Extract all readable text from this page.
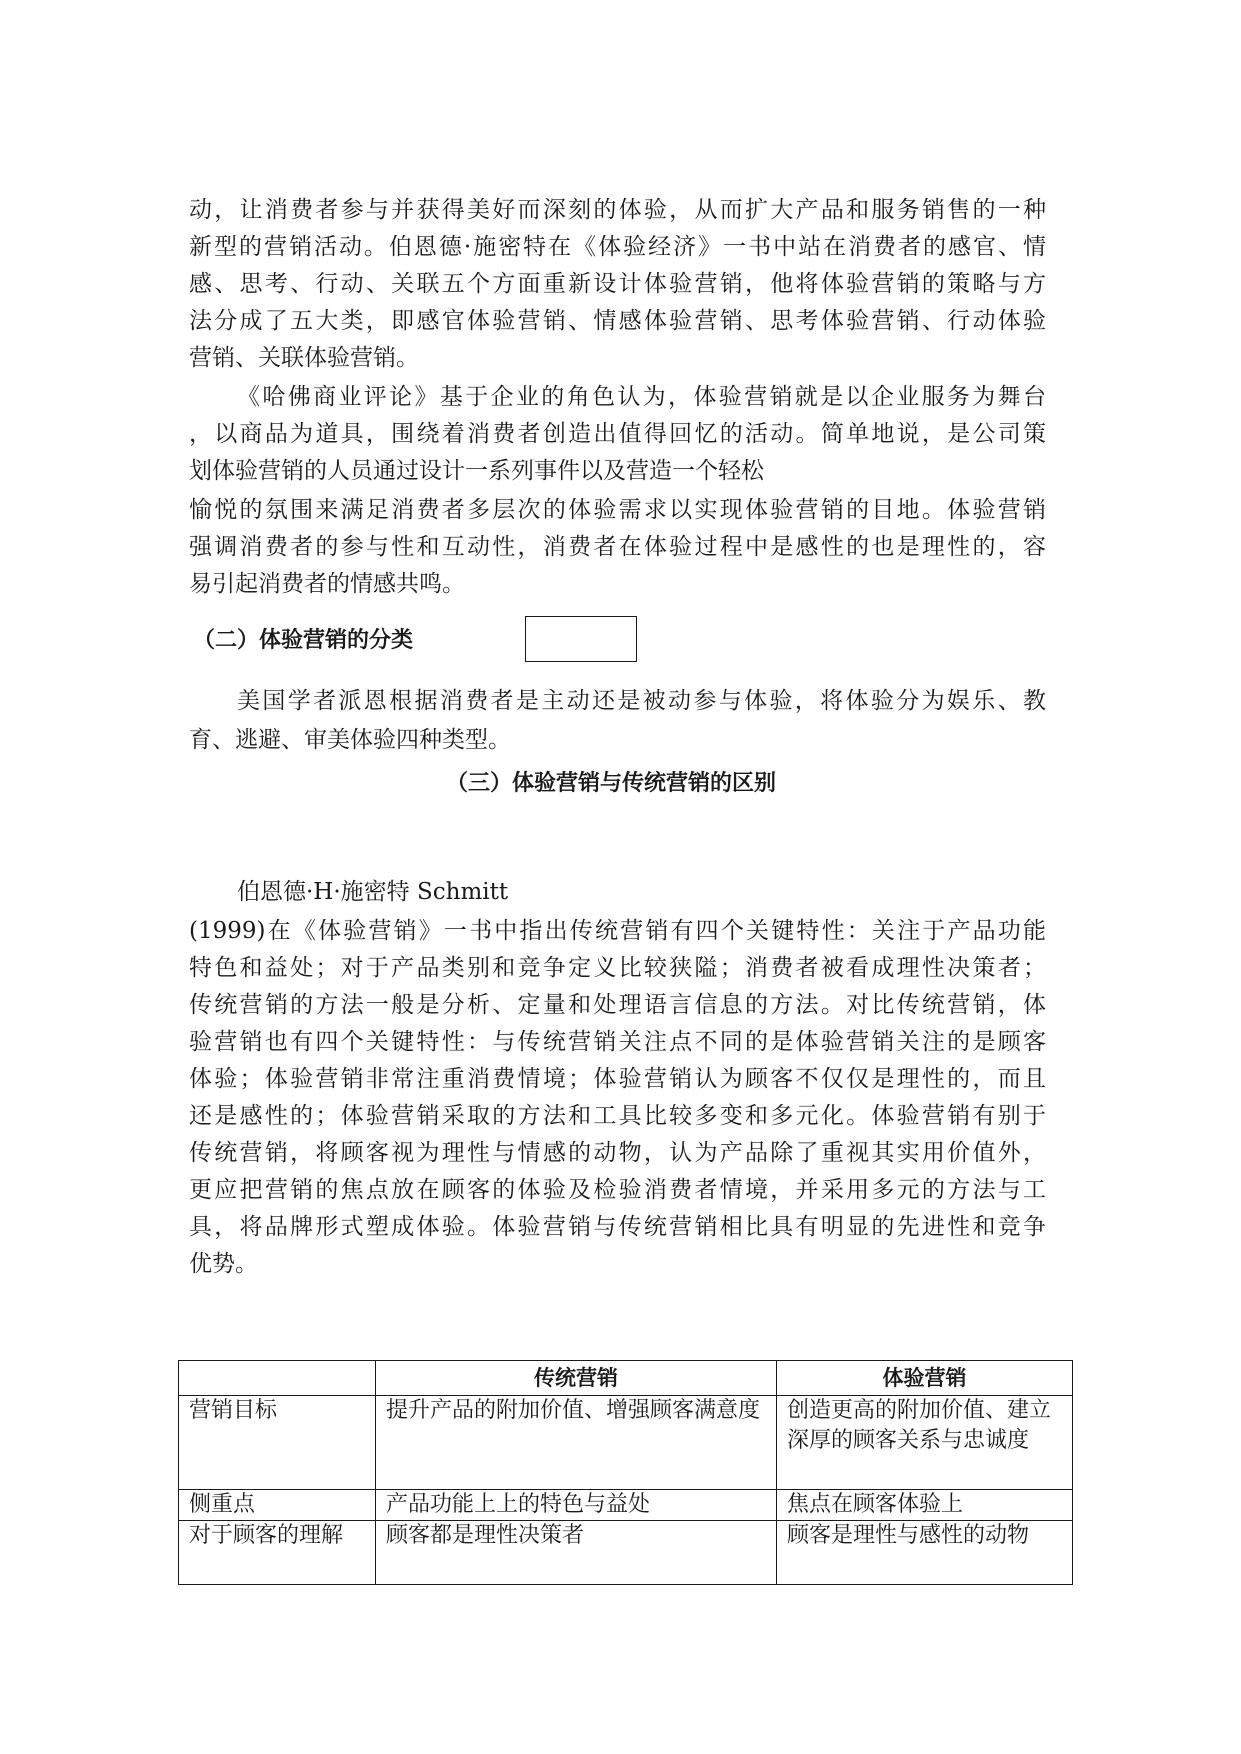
动，让消费者参与并获得美好而深刻的体验，从而扩大产品和服务销售的一种
新型的营销活动。伯恩德·施密特在《体验经济》一书中站在消费者的感官、情
感、思考、行动、关联五个方面重新设计体验营销，他将体验营销的策略与方
法分成了五大类，即感官体验营销、情感体验营销、思考体验营销、行动体验
营销、关联体验营销。
《哈佛商业评论》基于企业的角色认为，体验营销就是以企业服务为舞台
，以商品为道具，围绕着消费者创造出值得回忆的活动。简单地说，是公司策
划体验营销的人员通过设计一系列事件以及营造一个轻松
愉悦的氛围来满足消费者多层次的体验需求以实现体验营销的目地。体验营销
强调消费者的参与性和互动性，消费者在体验过程中是感性的也是理性的，容
易引起消费者的情感共鸣。
（二）体验营销的分类
美国学者派恩根据消费者是主动还是被动参与体验，将体验分为娱乐、教
育、逃避、审美体验四种类型。
（三）体验营销与传统营销的区别
伯恩德·H·施密特 Schmitt
(1999)在《体验营销》一书中指出传统营销有四个关键特性：关注于产品功能
特色和益处；对于产品类别和竞争定义比较狭隘；消费者被看成理性决策者；
传统营销的方法一般是分析、定量和处理语言信息的方法。对比传统营销，体
验营销也有四个关键特性：与传统营销关注点不同的是体验营销关注的是顾客
体验；体验营销非常注重消费情境；体验营销认为顾客不仅仅是理性的，而且
还是感性的；体验营销采取的方法和工具比较多变和多元化。体验营销有别于
传统营销，将顾客视为理性与情感的动物，认为产品除了重视其实用价值外，
更应把营销的焦点放在顾客的体验及检验消费者情境，并采用多元的方法与工
具，将品牌形式塑成体验。体验营销与传统营销相比具有明显的先进性和竞争
优势。
	传统营销	体验营销
营销目标	提升产品的附加价值、增强顾客满意度	创造更高的附加价值、建立深厚的顾客关系与忠诚度
侧重点	产品功能上上的特色与益处	焦点在顾客体验上
对于顾客的理解	顾客都是理性决策者	顾客是理性与感性的动物
